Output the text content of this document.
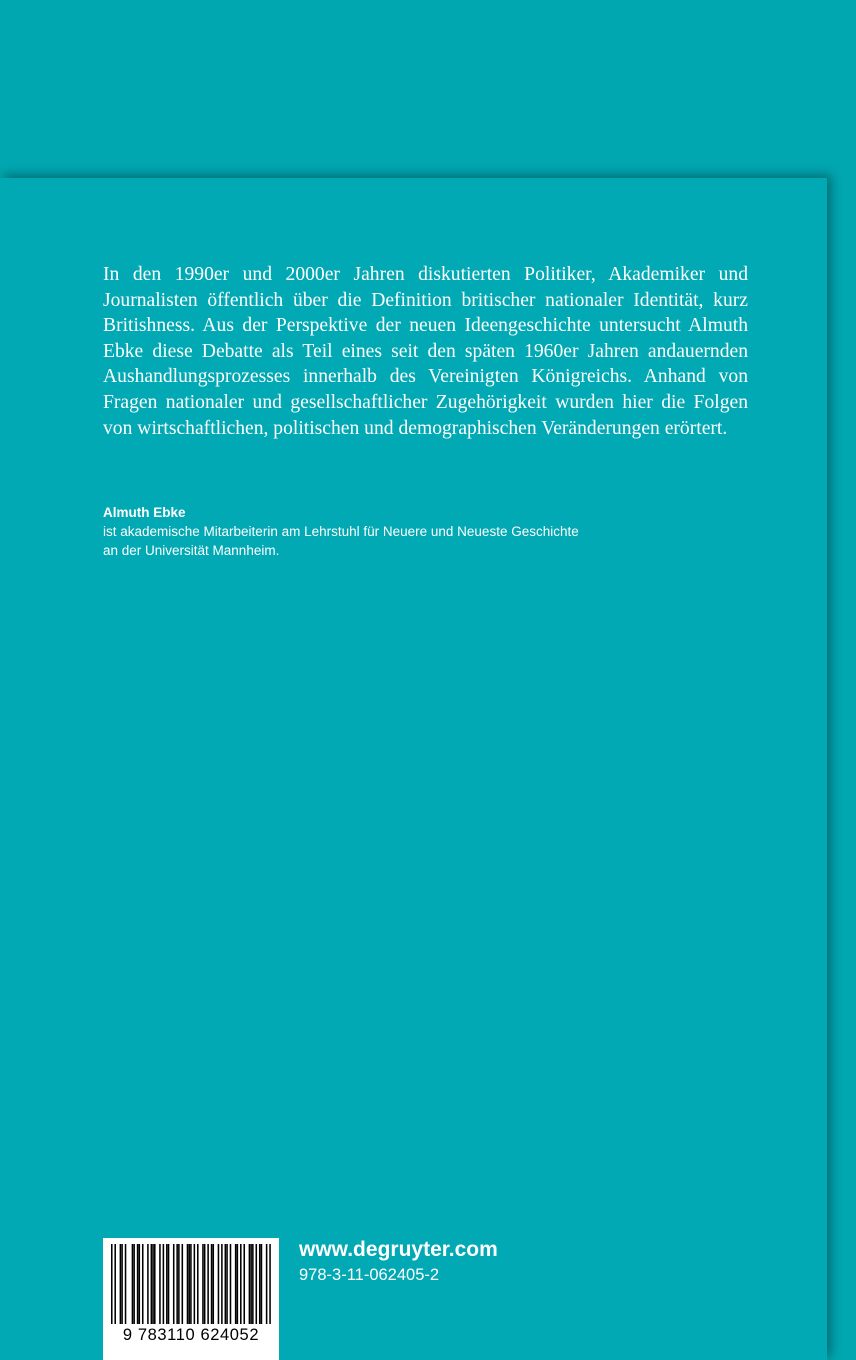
In den 1990er und 2000er Jahren diskutierten Politiker, Akademiker und Journalisten öffentlich über die Definition britischer nationaler Identität, kurz Britishness. Aus der Perspektive der neuen Ideengeschichte untersucht Almuth Ebke diese Debatte als Teil eines seit den späten 1960er Jahren andauernden Aushandlungsprozesses innerhalb des Vereinigten Königreichs. Anhand von Fragen nationaler und gesellschaftlicher Zugehörigkeit wurden hier die Folgen von wirtschaftlichen, politischen und demographischen Veränderungen erörtert.

Almuth Ebke

ist akademische Mitarbeiterin am Lehrstuhl für Neuere und Neueste Geschichte
an der Universität Mannheim.

9 783110 624052
www.degruyter.com
978-3-11-062405-2
